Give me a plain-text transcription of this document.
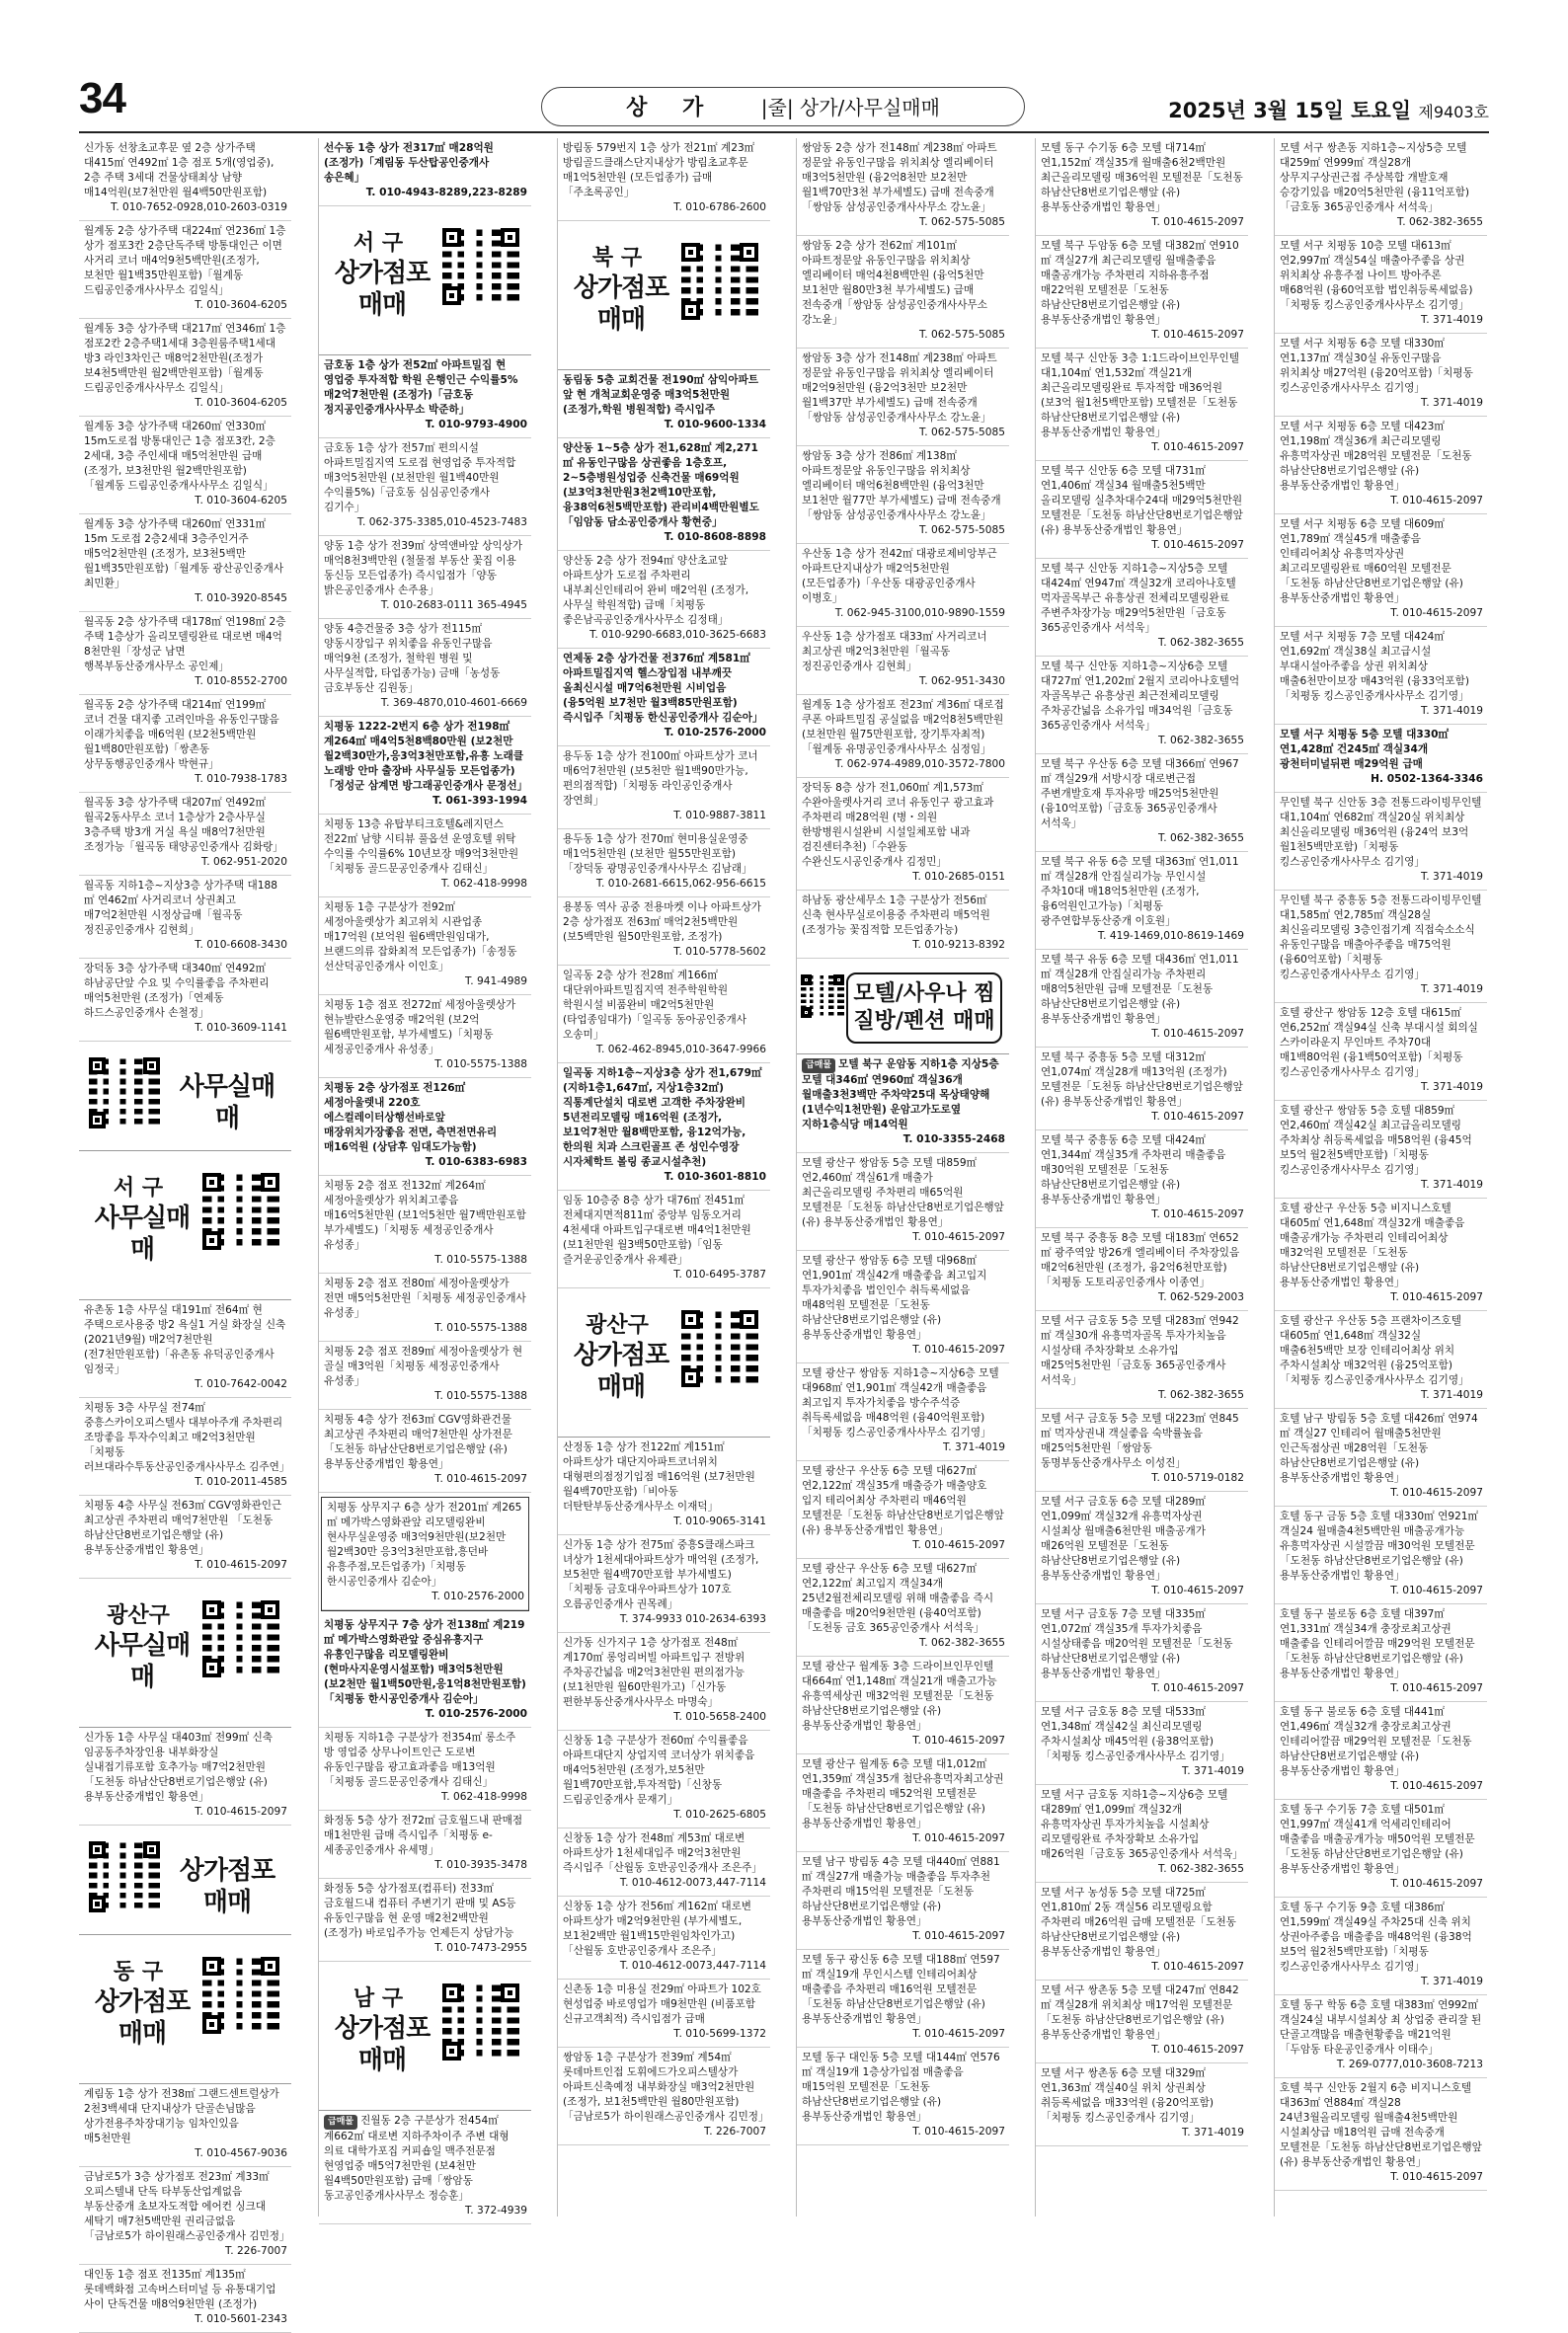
34	상 가 |줄| 상가/사무실매매	2025년 3월 15일 토요일 제9403호
신가동 선창초교후문 옆 2층 상가주택 대415㎡ 연492㎡ 1층 점포 5개(영업중), 2층 주택 3세대 건물상태최상 남향 매14억원(보7천만원 월4백50만원포함)
T. 010-7652-0928,010-2603-0319
월계동 2층 상가주택 대224㎡ 연236㎡ 1층 상가 점포3칸 2층단독주택 방통대인근 이면 사거리 코너 매4억9천5백만원(조정가, 보천만 월1백35만원포함)「월계동 드림공인중개사사무소 김일식」
T. 010-3604-6205
월계동 3층 상가주택 대217㎡ 연346㎡ 1층 점포2칸 2층주택1세대 3층원룸주택1세대 방3 라인3차인근 매8억2천만원(조정가 보4천5백만원 월2백만원포함)「월계동 드림공인중개사사무소 김일식」
T. 010-3604-6205
월계동 3층 상가주택 대260㎡ 연330㎡ 15m도로접 방통대인근 1층 점포3칸, 2층 2세대, 3층 주인세대 매5억천만원 급매(조정가, 보3천만원 월2백만원포함)「월계동 드림공인중개사사무소 김일식」
T. 010-3604-6205
월계동 3층 상가주택 대260㎡ 연331㎡ 15m 도로접 2층2세대 3층주인거주 매5억2천만원 (조정가, 보3천5백만 월1백35만원포함)「월계동 광산공인중개사 최민환」
T. 010-3920-8545
월곡동 2층 상가주택 대178㎡ 연198㎡ 2층 주택 1층상가 올리모델링완료 대로변 매4억 8천만원「장성군 남면 행복부동산중개사무소 공인제」
T. 010-8552-2700
월곡동 2층 상가주택 대214㎡ 연199㎡ 코너 건물 대지좋 고려인마을 유동인구많음 이래가치좋음 매6억원 (보2천5백만원 월1백80만원포함)「쌍촌동 상무동행공인중개사 박현규」
T. 010-7938-1783
월곡동 3층 상가주택 대207㎡ 연492㎡ 월곡2동사무소 코너 1층상가 2층사무실 3층주택 방3개 거실 욕실 매8억7천만원 조정가능「월곡동 태양공인중개사 김화랑」
T. 062-951-2020
월곡동 지하1층~지상3층 상가주택 대188㎡ 연462㎡ 사거리코너 상권최고 매7억2천만원 시정상급매「월곡동 정진공인중개사 김현희」
T. 010-6608-3430
장덕동 3층 상가주택 대340㎡ 연492㎡ 하남공단앞 수요 및 수익률좋음 주차편리 매억5천만원 (조정가)「연제동 하드스공인중개사 손철정」
T. 010-3609-1141
사무실매매
서 구
사무실매매
유촌동 1층 사무실 대191㎡ 전64㎡ 현 주택으로사용중 방2 욕실1 거실 화장실 신축(2021년9월) 매2억7천만원 (전7천만원포함)「유촌동 유덕공인중개사 임정국」
T. 010-7642-0042
치평동 3층 사무실 전74㎡ 중흥스카이오피스텔사 대부아주개 주차편리 조망좋음 투자수익최고 매2억3천만원「치평동 러브대라수투동산공인중개사사무소 김주연」
T. 010-2011-4585
치평동 4층 사무실 전63㎡ CGV영화관인근 최고상권 주차편리 매억7천만원 「도천동 하남산단8번로기업은행앞 (유) 용부동산중개법인 황용연」
T. 010-4615-2097
광산구
사무실매매
신가동 1층 사무실 대403㎡ 전99㎡ 신축 임공동주차장인용 내부화장실 실내접기류포함 호추가능 매7억2천만원「도천동 하남산단8번로기업은행앞 (유) 용부동산중개법인 황용연」
T. 010-4615-2097
상가점포매매
동 구
상가점포매매
계림동 1층 상가 전38㎡ 그랜드센트럴상가 2천3백세대 단지내상가 단골손님많음 상가전용주차장대기능 임차인있음 매5천만원
T. 010-4567-9036
금남로5가 3층 상가점포 전23㎡ 계33㎡ 오피스텔내 단독 타부동산업계없음 부동산중개 초보자도적합 에어컨 싱크대 세탁기 매7천5백만원 권리금없음「금남로5가 하이원래스공인중개사 김민정」
T. 226-7007
대인동 1층 점포 전135㎡ 계135㎡ 롯데백화점 고속버스터미널 등 유통대기업 사이 단독건물 매8억9천만원 (조정가)
T. 010-5601-2343
선수동 1층 상가 전317㎡ 매28억원 (조정가)「계림동 두산탑공인중개사 송은혜」
T. 010-4943-8289,223-8289
서 구
상가점포매매
금호동 1층 상가 전52㎡ 아파트밀집 현 영업중 투자적합 학원 은행인근 수익률5% 매2억7천만원 (조정가)「금호동 정지공인중개사사무소 박준하」
T. 010-9793-4900
금호동 1층 상가 전57㎡ 편의시설 아파트밀집지역 도로접 현영업중 투자적합 매3억5천만원 (보천만원 월1백40만원 수익률5%)「금호동 심심공인중개사 김기수」
T. 062-375-3385,010-4523-7483
양동 1층 상가 전39㎡ 상역앤바앞 상익상가 매억8천3백만원 (철물점 부동산 꽃집 이용 동신등 모든업종가) 즉시입점가「양동 밝은공인중개사 손주용」
T. 010-2683-0111 365-4945
양동 4층건물중 3층 상가 전115㎡ 양동시장입구 위치좋음 유동인구많음 매억9천 (조정가, 철학원 병원 및 사무실적합, 타업종가능) 금매「농성동 금호부동산 김원동」
T. 369-4870,010-4601-6669
치평동 1222-2번지 6층 상가 전198㎡ 계264㎡ 매4억5천8백80만원 (보2천만 월2백30만가,응3억3천만포함,유흥 노래클 노래방 안마 출장바 사무실등 모든업종가)「정성군 삼계면 방그래공인중개사 문정선」
T. 061-393-1994
치평동 13층 유탑부티크호텔&레지던스 전22㎡ 남향 시티뷰 풀옵션 운영호텔 위탁 수익률 수익률6% 10년보장 매9억3천만원「치평동 골드문공인중개사 김태신」
T. 062-418-9998
치평동 1층 구분상가 전92㎡ 세정아울렛상가 최고위치 시관업종 매17억원 (보억원 월6백만원임대가, 브랜드의류 잡화최적 모든업종가)「송정동 선산덕공인중개사 이인호」
T. 941-4989
치평동 1층 점포 전272㎡ 세정아울렛상가 현뉴발란스운영중 매2억원 (보2억 월6백만원포함, 부가세별도)「치평동 세정공인중개사 유성종」
T. 010-5575-1388
치평동 2층 상가점포 전126㎡ 세정아울렛내 220호 에스컬레이터상행선바로앞 매장위치가장좋음 전면, 측면전면유리 매16억원 (상담후 임대도가능함)
T. 010-6383-6983
치평동 2층 점포 전132㎡ 계264㎡ 세정아울렛상가 위치최고좋음 매16억5천만원 (보1억5천만 월7백만원포함 부가세별도)「치평동 세정공인중개사 유성종」
T. 010-5575-1388
치평동 2층 점포 전80㎡ 세정아울렛상가 전면 매5억5천만원「치평동 세정공인중개사 유성종」
T. 010-5575-1388
치평동 2층 점포 전89㎡ 세정아울렛상가 현 골실 매3억원「치평동 세정공인중개사 유성종」
T. 010-5575-1388
치평동 4층 상가 전63㎡ CGV영화관건물 최고상권 주차편리 매억7천만원 상가전문「도천동 하남산단8번로기업은행앞 (유) 용부동산중개법인 황용연」
T. 010-4615-2097
치평동 상무지구 6층 상가 전201㎡ 계265㎡ 메가박스영화관앞 리모델링완비 현사무실운영중 매3억9천만원(보2천만 월2백30만 응3억3천만포함,흥던바 유흥주점,모든업종가)「치평동 한시공인중개사 김순아」
T. 010-2576-2000
치평동 상무지구 7층 상가 전138㎡ 계219㎡ 메가박스영화관앞 중심유흥지구 유흥인구많음 리모델링완비 (현마사지운영시설포함) 매3억5천만원 (보2천만 월1백50만원,응1억8천만원포함)「치평동 한시공인중개사 김순아」
T. 010-2576-2000
치평동 지하1층 구분상가 전354㎡ 롱소주 방 영업중 상무나이트인근 도로변 유동인구많음 광고효과좋음 매13억원「치평동 골드문공인중개사 김태신」
T. 062-418-9998
화정동 5층 상가 전72㎡ 금호월드내 판매점 매1천만원 급매 즉시입주「치평동 e-세종공인중개사 유세명」
T. 010-3935-3478
화정동 5층 상가점포(컴퓨터) 전33㎡ 금호월드내 컴퓨터 주변기기 판매 및 AS등 유동인구많음 현 운영 매2천2백만원 (조정가) 바로입주가능 언제든지 상담가능
T. 010-7473-2955
남 구
상가점포매매
급매물 진월동 2층 구분상가 전454㎡ 계662㎡ 대로변 지하주차이주 주변 대형 의료 대학가포집 커피숍일 맥주전문점 현영업중 매5억7천만원 (보4천만 월4백50만원포함) 급매「쌍암동 동고공인중개사사무소 정승훈」
T. 372-4939
방림동 579번지 1층 상가 전21㎡ 계23㎡ 방림골드클래스단지내상가 방림초교후문 매1억5천만원 (모든업종가) 급매「주초록공인」
T. 010-6786-2600
북 구
상가점포매매
동림동 5층 교회건물 전190㎡ 삼익아파트 앞 현 개척교회운영중 매3억5천만원 (조정가,학원 병원적합) 즉시입주
T. 010-9600-1334
양산동 1~5층 상가 전1,628㎡ 계2,271㎡ 유동인구많음 상권좋음 1층호프, 2~5층병원성업중 신축건물 매69억원 (보3억3천만원3천2백10만포함, 융38억6천5백만포함) 관리비4백만원별도「임암동 담소공인중개사 황현중」
T. 010-8608-8898
양산동 2층 상가 전94㎡ 양산초교앞 아파트상가 도로접 주차편리 내부최신인테리어 완비 매2억원 (조정가, 사무실 학원적합) 급매「치평동 좋은남곡공인중개사사무소 김정태」
T. 010-9290-6683,010-3625-6683
연제동 2층 상가건물 전376㎡ 계581㎡ 아파트밀집지역 헬스장입점 내부깨끗 올최신시설 매7억6천만원 시비업음 (융5억원 보7천만 월3백85만원포함) 즉시입주「치평동 한신공인중개사 김순아」
T. 010-2576-2000
용두동 1층 상가 전100㎡ 아파트상가 코너 매6억7천만원 (보5천만 월1백90만가능, 편의점적합)「치평동 라인공인중개사 장연희」
T. 010-9887-3811
용두동 1층 상가 전70㎡ 현미용실운영중 매1억5천만원 (보천만 월55만원포함)「장덕동 광명공인중개사사무소 김남래」
T. 010-2681-6615,062-956-6615
용봉동 역사 공중 전용마켓 이나 아파트상가 2층 상가점포 전63㎡ 매억2천5백만원 (보5백만원 월50만원포함, 조정가)
T. 010-5778-5602
일곡동 2층 상가 전28㎡ 계166㎡ 대단위아파트밀집지역 전주학원학원 학원시설 비품완비 매2억5천만원 (타업종임대가)「일곡동 동아공인중개사 오송미」
T. 062-462-8945,010-3647-9966
일곡동 지하1층~지상3층 상가 전1,679㎡ (지하1층1,647㎡, 지상1층32㎡) 직통계단설치 대로변 고객한 주차장완비 5년전리모델링 매16억원 (조정가,보1억7천만 월8백만포함, 융12억가능,한의원 치과 스크린골프 존 성인수영장 시자체학트 볼링 종교시설추천)
T. 010-3601-8810
임동 10층중 8층 상가 대76㎡ 전451㎡ 전체대지면적811㎡ 중앙부 임동오거리 4천세대 아파트입구대로변 매4억1천만원 (보1천만원 월3백50만포함)「임동 즐거운공인중개사 유제관」
T. 010-6495-3787
광산구
상가점포매매
산정동 1층 상가 전122㎡ 계151㎡ 아파트상가 대단지아파트코너위치 대형편의점정기입점 매16억원 (보7천만원 월4백70만포함)「비아동 더탄탄부동산중개사무소 이재덕」
T. 010-9065-3141
신가동 1층 상가 전75㎡ 중흥S클래스파크 녀상가 1천세대아파트상가 매억원 (조정가, 보5천만 월4백70만포함 부가세별도)「치평동 금호대우아파트상가 107호 오름공인중개사 권목례」
T. 374-9933 010-2634-6393
신가동 신가지구 1층 상가점포 전48㎡ 계170㎡ 롱엉리버빌 아파트입구 전방위 주차공간넓음 매2억3천만원 편의점가능 (보1천만원 월60만원가고)「신가동 편한부동산중개사사무소 마명숙」
T. 010-5658-2400
신창동 1층 구분상가 전60㎡ 수익률좋음 아파트대단지 상업지역 코너상가 위치좋음 매4억5천만원 (조정가,보5천만 월1백70만포함,투자적합)「신창동 드림공인중개사 문재기」
T. 010-2625-6805
신창동 1층 상가 전48㎡ 계53㎡ 대로변 아파트상가 1천세대입주 매2억3천만원 즉시입주「산월동 호반공인중개사 조은주」
T. 010-4612-0073,447-7114
신창동 1층 상가 전56㎡ 계162㎡ 대로변 아파트상가 매2억9천만원 (부가세별도, 보1천2백만 월1백15만원임차인가고)「산월동 호반공인중개사 조은주」
T. 010-4612-0073,447-7114
신촌동 1층 미용실 전29㎡ 아파트가 102호 현성업중 바로영업가 매9천만원 (비품포함 신규고객최적) 즉시입점가 급매
T. 010-5699-1372
쌍암동 1층 구분상가 전39㎡ 계54㎡ 롯데마트인접 도휘에드가오피스텔상가 아파트신축예정 내부화장실 매3억2천만원 (조정가, 보1천5백만원 월80만원포함)「금남로5가 하이원래스공인중개사 김민정」
T. 226-7007
쌍암동 2층 상가 전148㎡ 계238㎡ 아파트 정문앞 유동인구많음 위치최상 엘리베이터 매3억5천만원 (융2억8천만 보2천만 월1백70만3천 부가세별도) 급매 전속중개「쌍암동 삼성공인중개사사무소 강노윤」
T. 062-575-5085
쌍암동 2층 상가 전62㎡ 계101㎡ 아파트정문앞 유동인구많음 위치최상 엘리베이터 매억4천8백만원 (융억5천만 보1천만 월80만3천 부가세별도) 급매 전속중개「쌍암동 삼성공인중개사사무소 강노윤」
T. 062-575-5085
쌍암동 3층 상가 전148㎡ 계238㎡ 아파트 정문앞 유동인구많음 위치최상 엘리베이터 매2억9천만원 (융2억3천만 보2천만 월1백37만 부가세별도) 급매 전속중개「쌍암동 삼성공인중개사사무소 강노윤」
T. 062-575-5085
쌍암동 3층 상가 전86㎡ 계138㎡ 아파트정문앞 유동인구많음 위치최상 엘리베이터 매억6천8백만원 (융억3천만 보1천만 월77만 부가세별도) 급매 전속중개「쌍암동 삼성공인중개사사무소 강노윤」
T. 062-575-5085
우산동 1층 상가 전42㎡ 대광로제비앙부근 아파트단지내상가 매2억5천만원 (모든업종가)「우산동 대광공인중개사 이병호」
T. 062-945-3100,010-9890-1559
우산동 1층 상가점포 대33㎡ 사거리코너 최고상권 매2억3천만원「월곡동 정진공인중개사 김현희」
T. 062-951-3430
월계동 1층 상가점포 전23㎡ 계36㎡ 대로접 쿠폰 아파트밀집 공실없음 매2억8천5백만원 (보천만원 월75만원포함, 장기투자최적)「월계동 유명공인중개사사무소 심정임」
T. 062-974-4989,010-3572-7800
장덕동 8층 상가 전1,060㎡ 계1,573㎡ 수완아울렛사거리 코너 유동인구 광고효과 주차편리 매28억원 (병・의원 한방병원시설완비 시설일체포함 내과 검진센터추천)「수완동 수완신도시공인중개사 김정민」
T. 010-2685-0151
하남동 광산세무소 1층 구분상가 전56㎡ 신축 현사무실로이용중 주차편리 매5억원 (조정가능 꽃집적합 모든업종가능)
T. 010-9213-8392
모텔/사우나 찜질방/펜션 매매
급매물 모텔 북구 운암동 지하1층 지상5층 모텔 대346㎡ 연960㎡ 객실36개 월매출3천3백만 주차약25대 목상태양해(1년수익1천만원) 운암고가도로옆 지하1층식당 매14억원
T. 010-3355-2468
모텔 광산구 쌍암동 5층 모텔 대859㎡ 연2,460㎡ 객실61개 매출가 최근올리모델링 주차편리 매65억원 모텔전문「도천동 하남산단8번로기업은행앞 (유) 용부동산중개법인 황용연」
T. 010-4615-2097
모텔 광산구 쌍암동 6층 모텔 대968㎡ 연1,901㎡ 객실42개 매출좋음 최고입지 투자가치좋음 법인인수 취득록세없음 매48억원 모텔전문「도천동 하남산단8번로기업은행앞 (유) 용부동산중개법인 황용연」
T. 010-4615-2097
모텔 광산구 쌍암동 지하1층~지상6층 모텔 대968㎡ 연1,901㎡ 객실42개 매출좋음 최고입지 투자가치좋음 방수주석증 취득록세없음 매48억원 (융40억원포함)「치평동 킹스공인중개사사무소 김기영」
T. 371-4019
모텔 광산구 우산동 6층 모텔 대627㎡ 연2,122㎡ 객실35개 매출증가 매출양호 입지 테리어최상 주차편리 매46억원 모텔전문「도천동 하남산단8번로기업은행앞 (유) 용부동산중개법인 황용연」
T. 010-4615-2097
모텔 광산구 우산동 6층 모텔 대627㎡ 연2,122㎡ 최고입지 객실34개 25년2월전체리모델링 위해 매출좋음 즉시 매출좋음 매20억9천만원 (융40억포함)「도천동 금호 365공인중개사 서석욱」
T. 062-382-3655
모텔 광산구 월계동 3층 드라이브인무인텔 대664㎡ 연1,148㎡ 객실21개 매출고가능 유흥역세상권 매32억원 모텔전문「도천동 하남산단8번로기업은행앞 (유) 용부동산중개법인 황용연」
T. 010-4615-2097
모텔 광산구 월계동 6층 모텔 대1,012㎡ 연1,359㎡ 객실35개 첨단유흥먹자최고상권 매출좋음 주차편리 매52억원 모텔전문「도천동 하남산단8번로기업은행앞 (유) 용부동산중개법인 황용연」
T. 010-4615-2097
모텔 남구 방림동 4층 모텔 대440㎡ 연881㎡ 객실27개 매출가능 매출좋음 투자추천 주차편리 매15억원 모텔전문「도천동 하남산단8번로기업은행앞 (유) 용부동산중개법인 황용연」
T. 010-4615-2097
모텔 동구 광신동 6층 모텔 대188㎡ 연597㎡ 객실19개 무인시스템 인테리어최상 매출좋음 주차편리 매16억원 모텔전문「도천동 하남산단8번로기업은행앞 (유) 용부동산중개법인 황용연」
T. 010-4615-2097
모텔 동구 대인동 5층 모텔 대144㎡ 연576㎡ 객실19개 1층상가입점 매출좋음 매15억원 모텔전문「도천동 하남산단8번로기업은행앞 (유) 용부동산중개법인 황용연」
T. 010-4615-2097
모텔 동구 수기동 6층 모텔 대714㎡ 연1,152㎡ 객실35개 월매출6천2백만원 최근올리모델링 매36억원 모텔전문「도천동 하남산단8번로기업은행앞 (유) 용부동산중개법인 황용연」
T. 010-4615-2097
모텔 북구 두암동 6층 모텔 대382㎡ 연910㎡ 객실27개 최근리모델링 월매출좋음 매출공개가능 주차편리 지하유흥주점 매22억원 모텔전문「도천동 하남산단8번로기업은행앞 (유) 용부동산중개법인 황용연」
T. 010-4615-2097
모텔 북구 신안동 3층 1:1드라이브인무인텔 대1,104㎡ 연1,532㎡ 객실21개 최근올리모델링완료 투자적합 매36억원 (보3억 월1천5백만포함) 모텔전문「도천동 하남산단8번로기업은행앞 (유) 용부동산중개법인 황용연」
T. 010-4615-2097
모텔 북구 신안동 6층 모텔 대731㎡ 연1,406㎡ 객실34 월매출5천5백만 올리모델링 실추차대수24대 매29억5천만원 모텔전문「도천동 하남산단8번로기업은행앞 (유) 용부동산중개법인 황용연」
T. 010-4615-2097
모텔 북구 신안동 지하1층~지상5층 모텔 대424㎡ 연947㎡ 객실32개 코리아나호텔 먹자골목부근 유흥상권 전체리모델링완료 주변주차장가능 매29억5천만원「금호동 365공인중개사 서석욱」
T. 062-382-3655
모텔 북구 신안동 지하1층~지상6층 모텔 대727㎡ 연1,202㎡ 2월지 코리아나호텔억 자골목부근 유흥상권 최근전체리모델링 주차공간넓음 소유가입 매34억원「금호동 365공인중개사 서석욱」
T. 062-382-3655
모텔 북구 우산동 6층 모텔 대366㎡ 연967㎡ 객실29개 서방시장 대로변근접 주변개발호재 투자유망 매25억5천만원 (융10억포함)「금호동 365공인중개사 서석욱」
T. 062-382-3655
모텔 북구 유동 6층 모텔 대363㎡ 연1,011㎡ 객실28개 안집실리가능 무인시설 주차10대 매18억5천만원 (조정가, 융6억원인고가능)「치평동 광주연합부동산중개 이호원」
T. 419-1469,010-8619-1469
모텔 북구 유동 6층 모텔 대436㎡ 연1,011㎡ 객실28개 안집실리가능 주차편리 매8억5천만원 급매 모텔전문「도천동 하남산단8번로기업은행앞 (유) 용부동산중개법인 황용연」
T. 010-4615-2097
모텔 북구 중흥동 5층 모텔 대312㎡ 연1,074㎡ 객실28개 매13억원 (조정가) 모텔전문「도천동 하남산단8번로기업은행앞 (유) 용부동산중개법인 황용연」
T. 010-4615-2097
모텔 북구 중흥동 6층 모텔 대424㎡ 연1,344㎡ 객실35개 주차편리 매출좋음 매30억원 모텔전문「도천동 하남산단8번로기업은행앞 (유) 용부동산중개법인 황용연」
T. 010-4615-2097
모텔 북구 중흥동 8층 모텔 대183㎡ 연652㎡ 광주역앞 방26개 엘리베이터 주차장있음 매2억6천만원 (조정가, 융2억6천만포함)「치평동 도토리공인중개사 이종연」
T. 062-529-2003
모텔 서구 금호동 5층 모텔 대283㎡ 연942㎡ 객실30개 유흥먹자골목 투자가치높음 시설상태 주차장확보 소유가입 매25억5천만원「금호동 365공인중개사 서석욱」
T. 062-382-3655
모텔 서구 금호동 5층 모텔 대223㎡ 연845㎡ 먹자상권내 객실좋음 숙박률높음 매25억5천만원「쌍암동 동명부동산중개사무소 이성진」
T. 010-5719-0182
모텔 서구 금호동 6층 모텔 대289㎡ 연1,099㎡ 객실32개 유흥먹자상권 시설최상 월매출6천만원 매출공개가 매26억원 모텔전문「도천동 하남산단8번로기업은행앞 (유) 용부동산중개법인 황용연」
T. 010-4615-2097
모텔 서구 금호동 7층 모텔 대335㎡ 연1,072㎡ 객실35개 투자가치좋음 시설상태좋음 매20억원 모텔전문「도천동 하남산단8번로기업은행앞 (유) 용부동산중개법인 황용연」
T. 010-4615-2097
모텔 서구 금호동 8층 모텔 대533㎡ 연1,348㎡ 객실42실 최신리모델링 주차시설최상 매45억원 (융38억포함)「치평동 킹스공인중개사사무소 김기영」
T. 371-4019
모텔 서구 금호동 지하1층~지상6층 모텔 대289㎡ 연1,099㎡ 객실32개 유흥먹자상권 투자가치높음 시설최상 리모델링완료 주차장확보 소유가입 매26억원「금호동 365공인중개사 서석욱」
T. 062-382-3655
모텔 서구 농성동 5층 모텔 대725㎡ 연1,810㎡ 2동 객실56 리모델링요함 주차편리 매26억원 급매 모텔전문「도천동 하남산단8번로기업은행앞 (유) 용부동산중개법인 황용연」
T. 010-4615-2097
모텔 서구 쌍촌동 5층 모텔 대247㎡ 연842㎡ 객실28개 위치최상 매17억원 모텔전문「도천동 하남산단8번로기업은행앞 (유) 용부동산중개법인 황용연」
T. 010-4615-2097
모텔 서구 쌍촌동 6층 모텔 대329㎡ 연1,363㎡ 객실40실 위치 상권최상 취등록세없음 매33억원 (융20억포함)「치평동 킹스공인중개사 김기영」
T. 371-4019
모텔 서구 쌍촌동 지하1층~지상5층 모텔 대259㎡ 연999㎡ 객실28개 상무지구상권근접 주상복합 개발호재 승강기있음 매20억5천만원 (융11억포함)「금호동 365공인중개사 서석욱」
T. 062-382-3655
모텔 서구 치평동 10층 모텔 대613㎡ 연2,997㎡ 객실54실 매출아주좋음 상권 위치최상 유흥주점 나이트 방아주론 매68억원 (융60억포함 법인취등록세없음)「치평동 킹스공인중개사사무소 김기영」
T. 371-4019
모텔 서구 치평동 6층 모텔 대330㎡ 연1,137㎡ 객실30실 유동인구많음 위치최상 매27억원 (융20억포함)「치평동 킹스공인중개사사무소 김기영」
T. 371-4019
모텔 서구 치평동 6층 모텔 대423㎡ 연1,198㎡ 객실36개 최근리모델링 유흥먹자상권 매28억원 모텔전문「도천동 하남산단8번로기업은행앞 (유) 용부동산중개법인 황용연」
T. 010-4615-2097
모텔 서구 치평동 6층 모텔 대609㎡ 연1,789㎡ 객실45개 매출좋음 인테리어최상 유흥먹자상권 최고리모델링완료 매60억원 모텔전문「도천동 하남산단8번로기업은행앞 (유) 용부동산중개법인 황용연」
T. 010-4615-2097
모텔 서구 치평동 7층 모텔 대424㎡ 연1,692㎡ 객실38실 최고급시설 부대시설아주좋음 상권 위치최상 매출6천만이보장 매43억원 (융33억포함)「치평동 킹스공인중개사사무소 김기영」
T. 371-4019
모텔 서구 치평동 5층 모텔 대330㎡ 연1,428㎡ 건245㎡ 객실34개 광천터미널뒤편 매29억원 급매
H. 0502-1364-3346
무인텔 북구 신안동 3층 전통드라이빙무인텔 대1,104㎡ 연682㎡ 객실20실 위치최상 최신올리모델링 매36억원 (융24억 보3억 월1천5백만포함)「치평동 킹스공인중개사사무소 김기영」
T. 371-4019
무인텔 북구 중흥동 5층 전통드라이빙무인텔 대1,585㎡ 연2,785㎡ 객실28실 최신올리모델링 3층인접기계 직접숙소소식 유동인구많음 매출아주좋음 매75억원 (융60억포함)「치평동 킹스공인중개사사무소 김기영」
T. 371-4019
호텔 광산구 쌍암동 12층 호텔 대615㎡ 연6,252㎡ 객실94실 신축 부대시설 회의실 스카이라운지 무인마트 주차70대 매1백80억원 (융1백50억포함)「치평동 킹스공인중개사사무소 김기영」
T. 371-4019
호텔 광산구 쌍암동 5층 호텔 대859㎡ 연2,460㎡ 객실42실 최고급올리모델링 주차최상 취등록세없음 매58억원 (융45억 보5억 월2천5백만포함)「치평동 킹스공인중개사사무소 김기영」
T. 371-4019
호텔 광산구 우산동 5층 비지니스호텔 대605㎡ 연1,648㎡ 객실32개 매출좋음 매출공개가능 주차편리 인테리어최상 매32억원 모텔전문「도천동 하남산단8번로기업은행앞 (유) 용부동산중개법인 황용연」
T. 010-4615-2097
호텔 광산구 우산동 5층 프랜차이즈호텔 대605㎡ 연1,648㎡ 객실32실 매출6천5백만 보장 인테리어최상 위치 주차시설최상 매32억원 (융25억포함)「치평동 킹스공인중개사사무소 김기영」
T. 371-4019
호텔 남구 방림동 5층 호텔 대426㎡ 연974㎡ 객실27 인테리어 월매출5천만원 인근독점상권 매28억원「도천동 하남산단8번로기업은행앞 (유) 용부동산중개법인 황용연」
T. 010-4615-2097
호텔 동구 금동 5층 호텔 대330㎡ 연921㎡ 객실24 월매출4천5백만원 매출공개가능 유흥먹자상권 시설깔끔 매30억원 모텔전문「도천동 하남산단8번로기업은행앞 (유) 용부동산중개법인 황용연」
T. 010-4615-2097
호텔 동구 불로동 6층 호텔 대397㎡ 연1,331㎡ 객실34개 충장로최고상권 매출좋음 인테리어깔끔 매29억원 모텔전문「도천동 하남산단8번로기업은행앞 (유) 용부동산중개법인 황용연」
T. 010-4615-2097
호텔 동구 불로동 6층 호텔 대441㎡ 연1,496㎡ 객실32개 충장로최고상권 인테리어깔끔 매29억원 모텔전문「도천동 하남산단8번로기업은행앞 (유) 용부동산중개법인 황용연」
T. 010-4615-2097
호텔 동구 수기동 7층 호텔 대501㎡ 연1,997㎡ 객실41개 억세리인테리어 매출좋음 매출공개가능 매50억원 모텔전문「도천동 하남산단8번로기업은행앞 (유) 용부동산중개법인 황용연」
T. 010-4615-2097
호텔 동구 수기동 9층 호텔 대386㎡ 연1,599㎡ 객실49실 주차25대 신축 위치 상권아주좋음 매출좋음 매48억원 (융38억 보5억 월2천5백만포함)「치평동 킹스공인중개사사무소 김기영」
T. 371-4019
호텔 동구 학동 6층 호텔 대383㎡ 연992㎡ 객실24실 내부시설최상 최 상업중 관리잘 된 단골고객많음 매출현황좋음 매21억원「두암동 타운공인중개사 이태수」
T. 269-0777,010-3608-7213
호텔 북구 신안동 2월지 6층 비지니스호텔 대363㎡ 연884㎡ 객실28 24년3월올리모델링 월매출4천5백만원 시설최상급 매18억원 급매 전속중개 모텔전문「도천동 하남산단8번로기업은행앞 (유) 용부동산중개법인 황용연」
T. 010-4615-2097
